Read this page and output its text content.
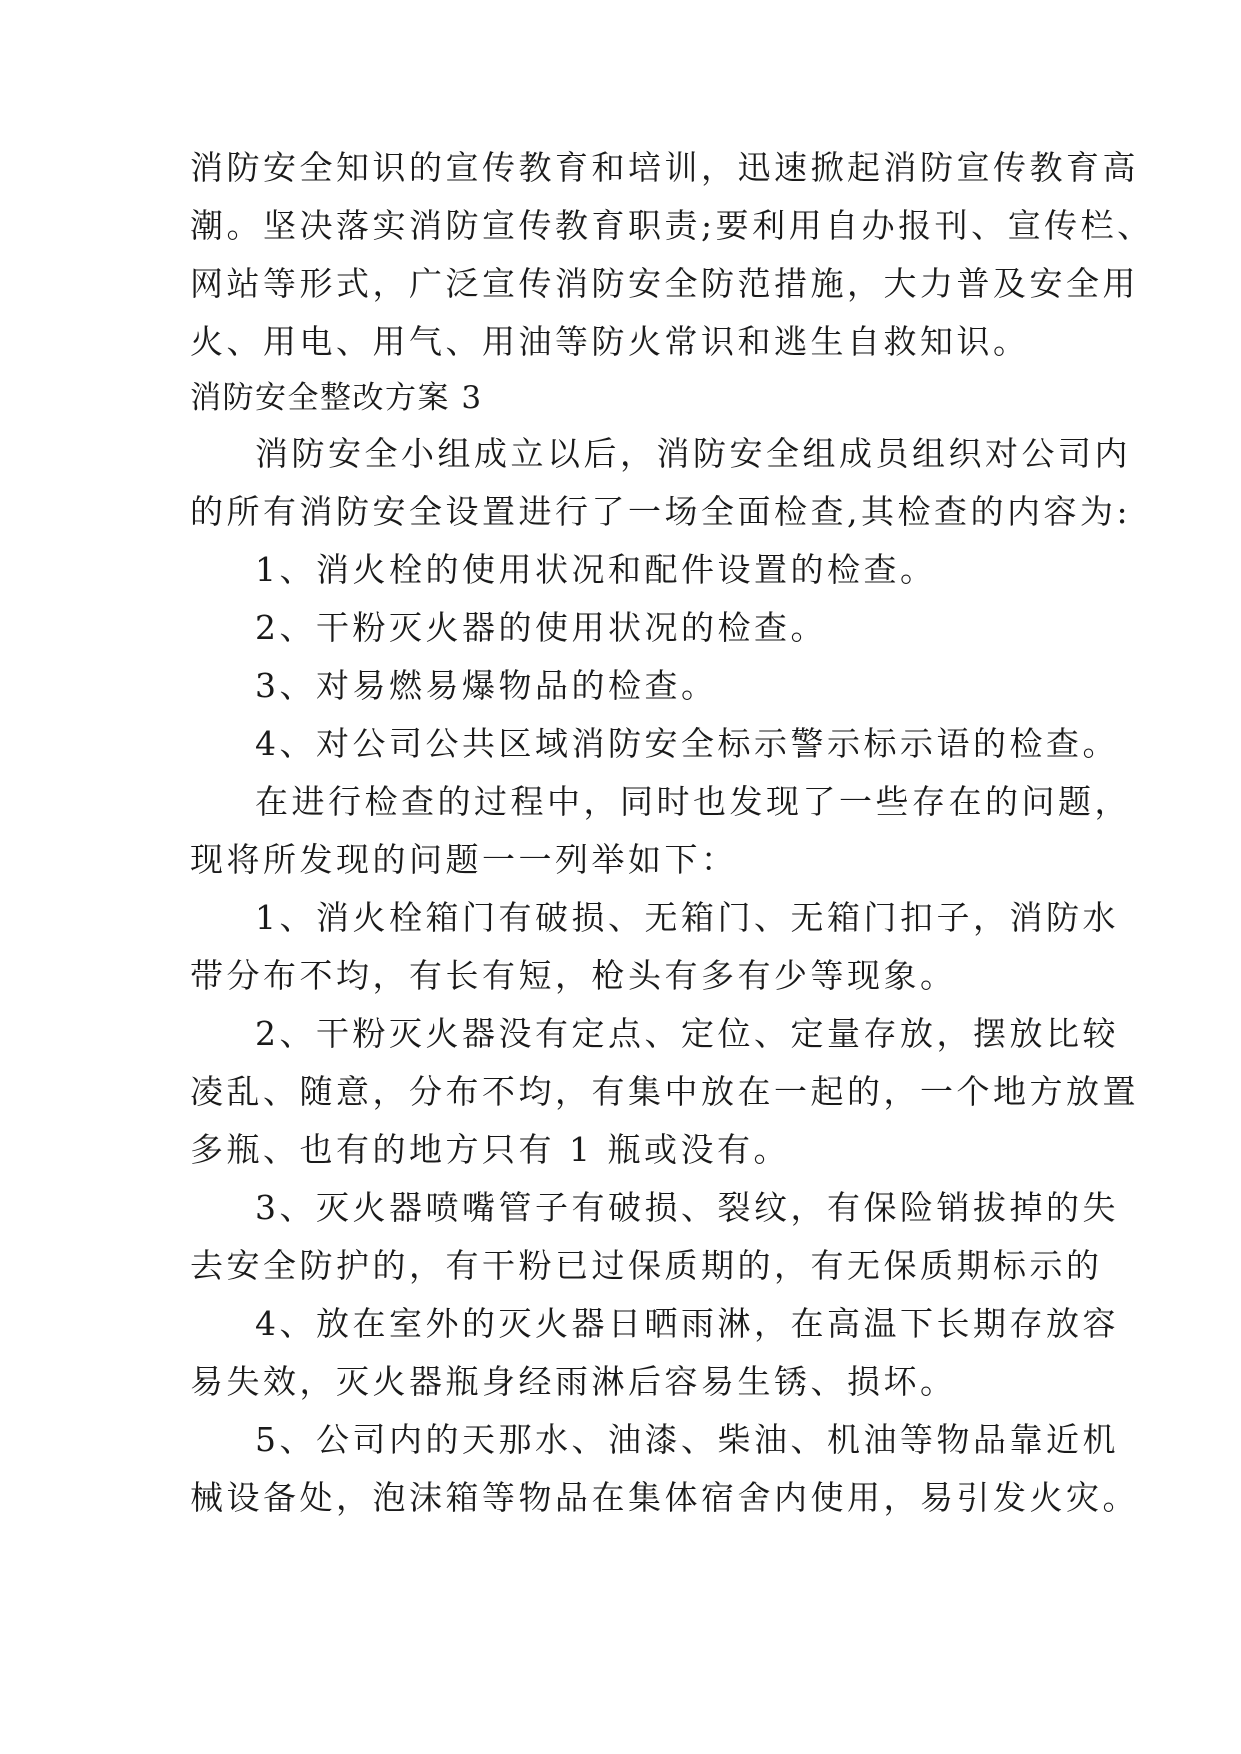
消防安全知识的宣传教育和培训，迅速掀起消防宣传教育高
潮。坚决落实消防宣传教育职责;要利用自办报刊、宣传栏、
网站等形式，广泛宣传消防安全防范措施，大力普及安全用
火、用电、用气、用油等防火常识和逃生自救知识。
消防安全整改方案 3
消防安全小组成立以后，消防安全组成员组织对公司内
的所有消防安全设置进行了一场全面检查,其检查的内容为:
1、消火栓的使用状况和配件设置的检查。
2、干粉灭火器的使用状况的检查。
3、对易燃易爆物品的检查。
4、对公司公共区域消防安全标示警示标示语的检查。
在进行检查的过程中，同时也发现了一些存在的问题，
现将所发现的问题一一列举如下：
1、消火栓箱门有破损、无箱门、无箱门扣子，消防水
带分布不均，有长有短，枪头有多有少等现象。
2、干粉灭火器没有定点、定位、定量存放，摆放比较
凌乱、随意，分布不均，有集中放在一起的，一个地方放置
多瓶、也有的地方只有 1 瓶或没有。
3、灭火器喷嘴管子有破损、裂纹，有保险销拔掉的失
去安全防护的，有干粉已过保质期的，有无保质期标示的
4、放在室外的灭火器日晒雨淋，在高温下长期存放容
易失效，灭火器瓶身经雨淋后容易生锈、损坏。
5、公司内的天那水、油漆、柴油、机油等物品靠近机
械设备处，泡沫箱等物品在集体宿舍内使用，易引发火灾。
